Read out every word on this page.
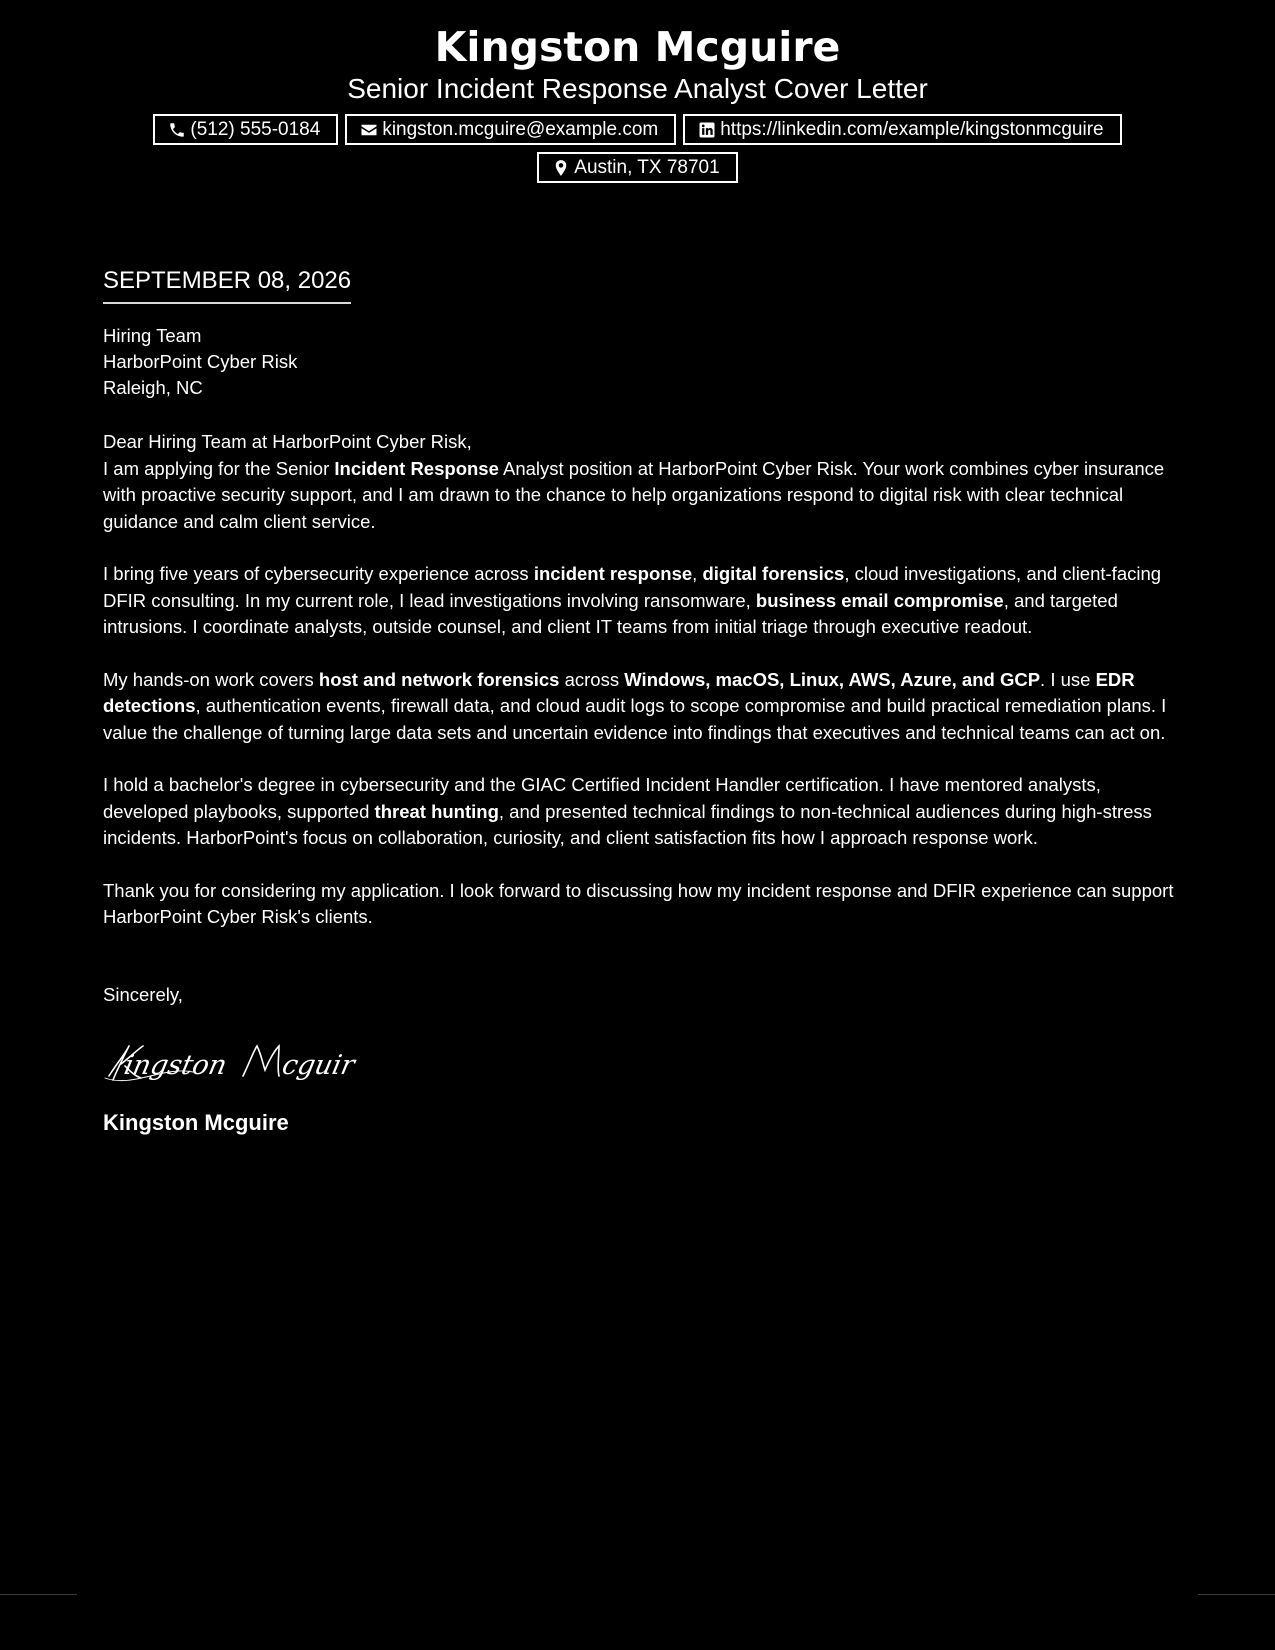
Kingston Mcguire
Senior Incident Response Analyst Cover Letter
(512) 555-0184	kingston.mcguire@example.com	https://linkedin.com/example/kingstonmcguire
Austin, TX 78701
SEPTEMBER 08, 2026
Hiring Team
HarborPoint Cyber Risk
Raleigh, NC
Dear Hiring Team at HarborPoint Cyber Risk,

I am applying for the Senior Incident Response Analyst position at HarborPoint Cyber Risk. Your work combines cyber insurance with proactive security support, and I am drawn to the chance to help organizations respond to digital risk with clear technical guidance and calm client service.

I bring five years of cybersecurity experience across incident response, digital forensics, cloud investigations, and client-facing DFIR consulting. In my current role, I lead investigations involving ransomware, business email compromise, and targeted intrusions. I coordinate analysts, outside counsel, and client IT teams from initial triage through executive readout.

My hands-on work covers host and network forensics across Windows, macOS, Linux, AWS, Azure, and GCP. I use EDR detections, authentication events, firewall data, and cloud audit logs to scope compromise and build practical remediation plans. I value the challenge of turning large data sets and uncertain evidence into findings that executives and technical teams can act on.

I hold a bachelor's degree in cybersecurity and the GIAC Certified Incident Handler certification. I have mentored analysts, developed playbooks, supported threat hunting, and presented technical findings to non-technical audiences during high-stress incidents. HarborPoint's focus on collaboration, curiosity, and client satisfaction fits how I approach response work.

Thank you for considering my application. I look forward to discussing how my incident response and DFIR experience can support HarborPoint Cyber Risk's clients.

Sincerely,
ingston cguir
Kingston Mcguire
